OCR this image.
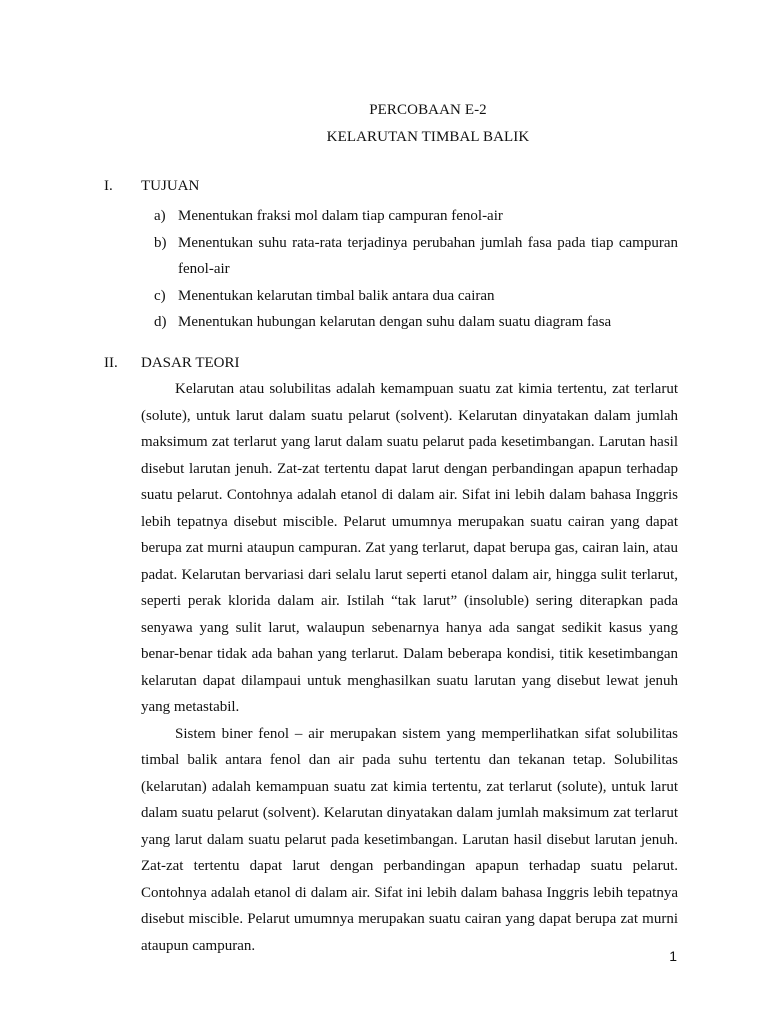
PERCOBAAN E-2
KELARUTAN TIMBAL BALIK
I. TUJUAN
a) Menentukan fraksi mol dalam tiap campuran fenol-air
b) Menentukan suhu rata-rata terjadinya perubahan jumlah fasa pada tiap campuran fenol-air
c) Menentukan kelarutan timbal balik antara dua cairan
d) Menentukan hubungan kelarutan dengan suhu dalam suatu diagram fasa
II. DASAR TEORI

Kelarutan atau solubilitas adalah kemampuan suatu zat kimia tertentu, zat terlarut (solute), untuk larut dalam suatu pelarut (solvent). Kelarutan dinyatakan dalam jumlah maksimum zat terlarut yang larut dalam suatu pelarut pada kesetimbangan. Larutan hasil disebut larutan jenuh. Zat-zat tertentu dapat larut dengan perbandingan apapun terhadap suatu pelarut. Contohnya adalah etanol di dalam air. Sifat ini lebih dalam bahasa Inggris lebih tepatnya disebut miscible. Pelarut umumnya merupakan suatu cairan yang dapat berupa zat murni ataupun campuran. Zat yang terlarut, dapat berupa gas, cairan lain, atau padat. Kelarutan bervariasi dari selalu larut seperti etanol dalam air, hingga sulit terlarut, seperti perak klorida dalam air. Istilah “tak larut” (insoluble) sering diterapkan pada senyawa yang sulit larut, walaupun sebenarnya hanya ada sangat sedikit kasus yang benar-benar tidak ada bahan yang terlarut. Dalam beberapa kondisi, titik kesetimbangan kelarutan dapat dilampaui untuk menghasilkan suatu larutan yang disebut lewat jenuh yang metastabil.

Sistem biner fenol – air merupakan sistem yang memperlihatkan sifat solubilitas timbal balik antara fenol dan air pada suhu tertentu dan tekanan tetap. Solubilitas (kelarutan) adalah kemampuan suatu zat kimia tertentu, zat terlarut (solute), untuk larut dalam suatu pelarut (solvent). Kelarutan dinyatakan dalam jumlah maksimum zat terlarut yang larut dalam suatu pelarut pada kesetimbangan. Larutan hasil disebut larutan jenuh. Zat-zat tertentu dapat larut dengan perbandingan apapun terhadap suatu pelarut. Contohnya adalah etanol di dalam air. Sifat ini lebih dalam bahasa Inggris lebih tepatnya disebut miscible. Pelarut umumnya merupakan suatu cairan yang dapat berupa zat murni ataupun campuran.

1
